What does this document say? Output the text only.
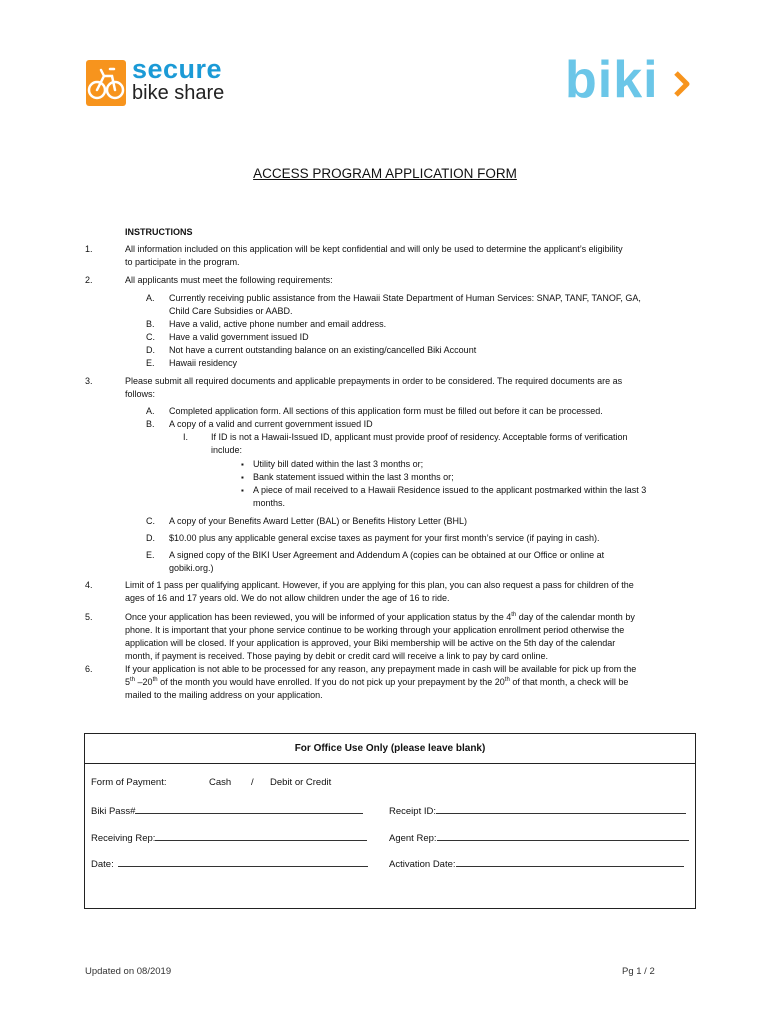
secure
bike share	biki
ACCESS PROGRAM APPLICATION FORM
INSTRUCTIONS
1.	All information included on this application will be kept confidential and will only be used to determine the applicant’s eligibility
to participate in the program.
2.	All applicants must meet the following requirements:
A. Currently receiving public assistance from the Hawaii State Department of Human Services: SNAP, TANF, TANOF, GA,
Child Care Subsidies or AABD.
B. Have a valid, active phone number and email address.
C. Have a valid government issued ID
D. Not have a current outstanding balance on an existing/cancelled Biki Account
E. Hawaii residency
3.	Please submit all required documents and applicable prepayments in order to be considered. The required documents are as
follows:
A. Completed application form. All sections of this application form must be filled out before it can be processed.
B. A copy of a valid and current government issued ID
I.	If ID is not a Hawaii-Issued ID, applicant must provide proof of residency. Acceptable forms of verification
include:
▪ Utility bill dated within the last 3 months or;
▪ Bank statement issued within the last 3 months or;
▪ A piece of mail received to a Hawaii Residence issued to the applicant postmarked within the last 3
months.
C. A copy of your Benefits Award Letter (BAL) or Benefits History Letter (BHL)
D. $10.00 plus any applicable general excise taxes as payment for your first month’s service (if paying in cash).
E. A signed copy of the BIKI User Agreement and Addendum A (copies can be obtained at our Office or online at
gobiki.org.)
4.	Limit of 1 pass per qualifying applicant. However, if you are applying for this plan, you can also request a pass for children of the
ages of 16 and 17 years old. We do not allow children under the age of 16 to ride.
5.	Once your application has been reviewed, you will be informed of your application status by the 4th day of the calendar month by
phone. It is important that your phone service continue to be working through your application enrollment period otherwise the
application will be closed. If your application is approved, your Biki membership will be active on the 5th day of the calendar
month, if payment is received. Those paying by debit or credit card will receive a link to pay by card online.
6.	If your application is not able to be processed for any reason, any prepayment made in cash will be available for pick up from the
5th –20th of the month you would have enrolled. If you do not pick up your prepayment by the 20th of that month, a check will be
mailed to the mailing address on your application.
For Office Use Only (please leave blank)
Form of Payment:	Cash / Debit or Credit
Biki Pass#	Receipt ID:
Receiving Rep:	Agent Rep:
Date:	Activation Date:
Updated on 08/2019	Pg 1 / 2
